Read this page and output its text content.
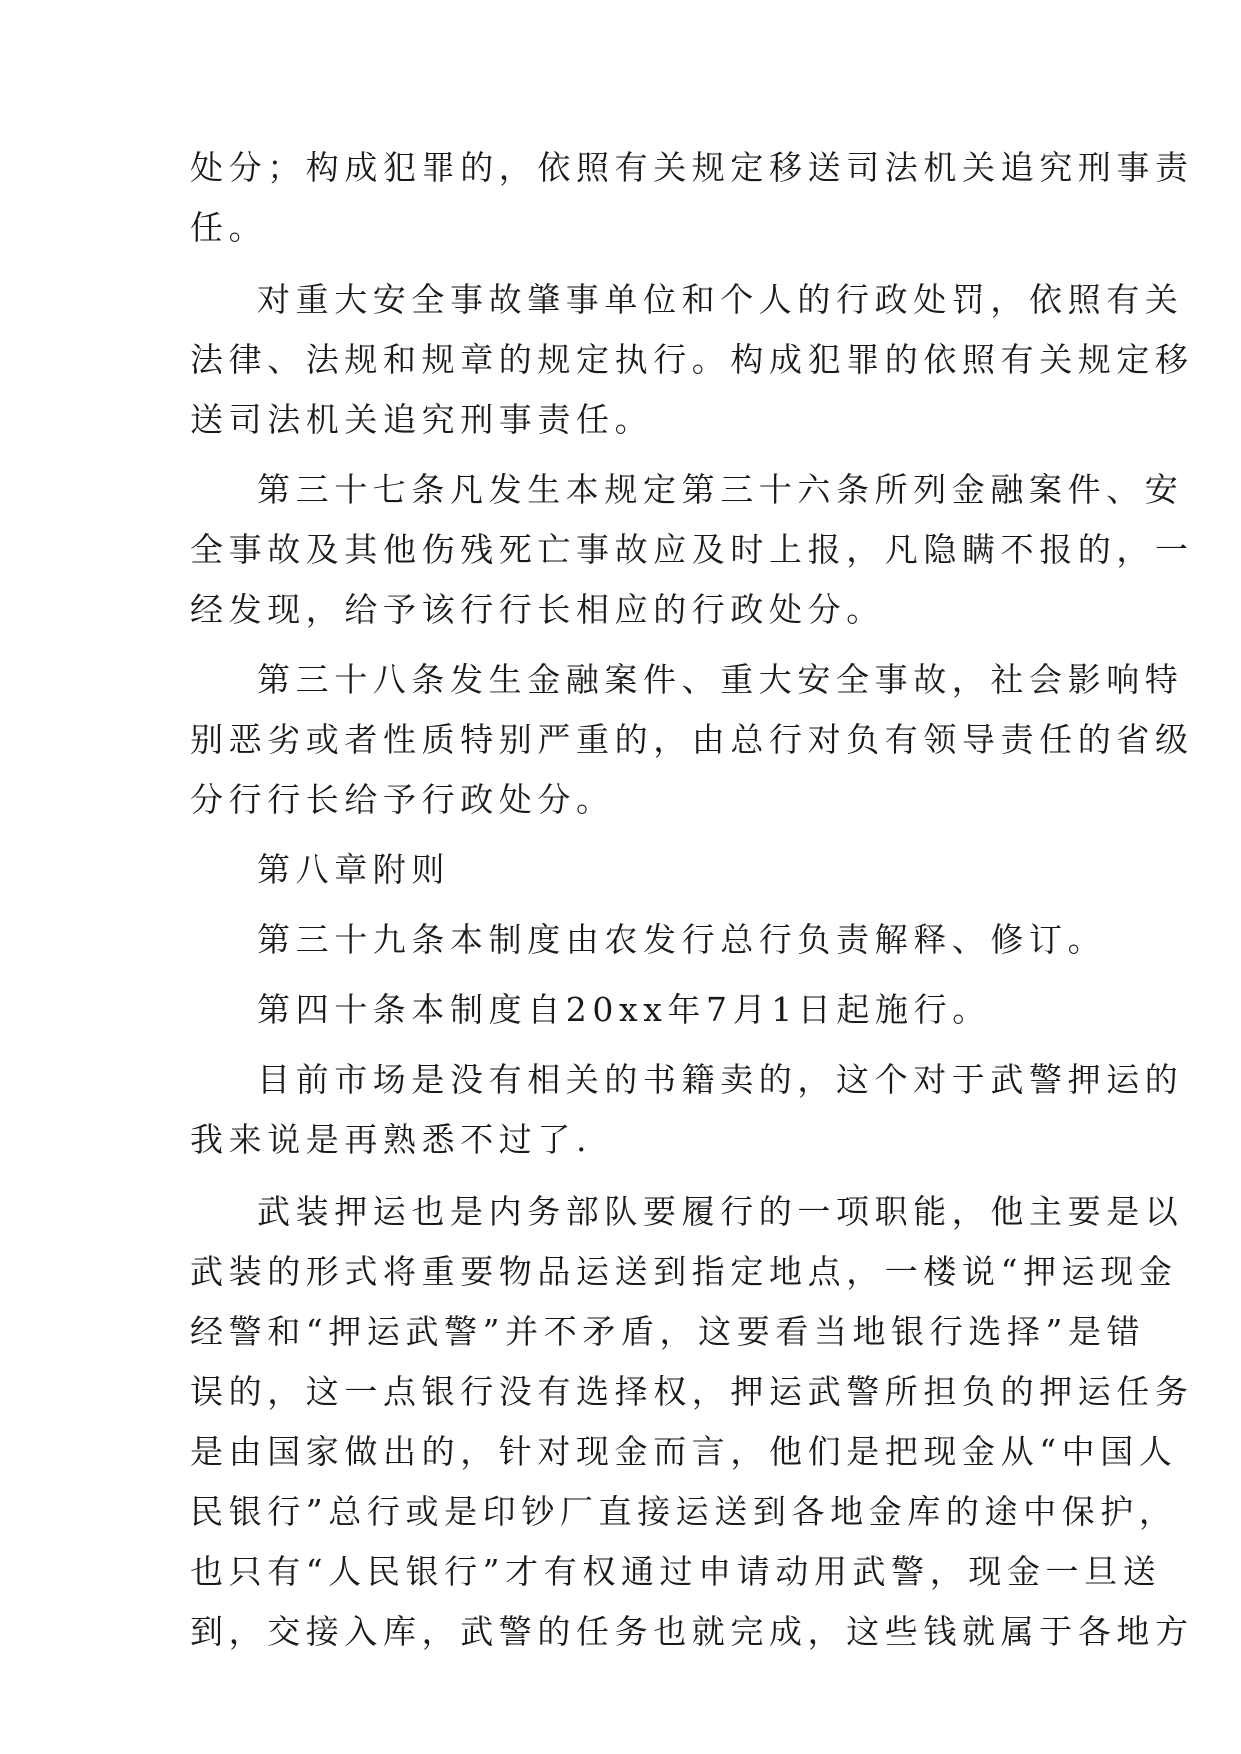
处分；构成犯罪的，依照有关规定移送司法机关追究刑事责

任。

对重大安全事故肇事单位和个人的行政处罚，依照有关

法律、法规和规章的规定执行。构成犯罪的依照有关规定移

送司法机关追究刑事责任。

第三十七条凡发生本规定第三十六条所列金融案件、安

全事故及其他伤残死亡事故应及时上报，凡隐瞒不报的，一

经发现，给予该行行长相应的行政处分。

第三十八条发生金融案件、重大安全事故，社会影响特

别恶劣或者性质特别严重的，由总行对负有领导责任的省级

分行行长给予行政处分。

第八章附则

第三十九条本制度由农发行总行负责解释、修订。

第四十条本制度自20xx年7月1日起施行。

目前市场是没有相关的书籍卖的，这个对于武警押运的

我来说是再熟悉不过了.

武装押运也是内务部队要履行的一项职能，他主要是以

武装的形式将重要物品运送到指定地点，一楼说“押运现金

经警和“押运武警”并不矛盾，这要看当地银行选择”是错

误的，这一点银行没有选择权，押运武警所担负的押运任务

是由国家做出的，针对现金而言，他们是把现金从“中国人

民银行”总行或是印钞厂直接运送到各地金库的途中保护，

也只有“人民银行”才有权通过申请动用武警，现金一旦送

到，交接入库，武警的任务也就完成，这些钱就属于各地方
